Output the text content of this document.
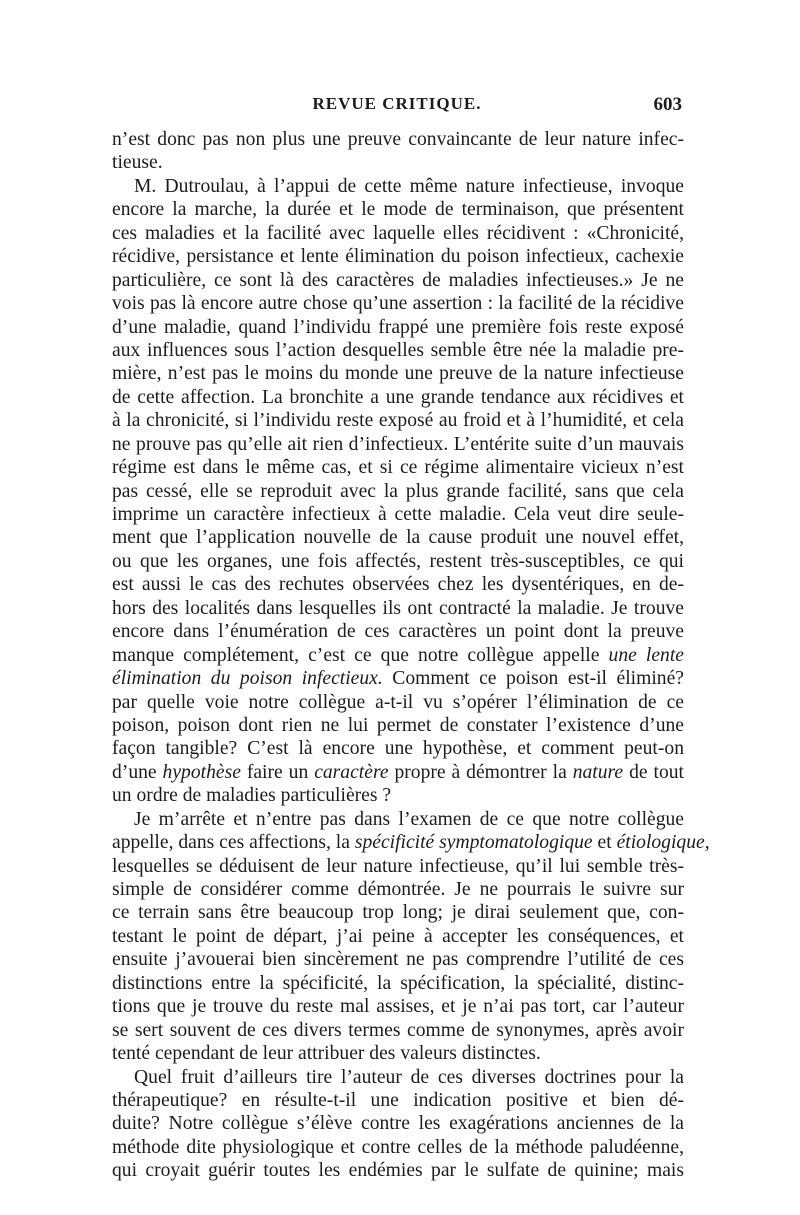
REVUE CRITIQUE.	603
n’est donc pas non plus une preuve convaincante de leur nature infec-
tieuse.
M. Dutroulau, à l’appui de cette même nature infectieuse, invoque
encore la marche, la durée et le mode de terminaison, que présentent
ces maladies et la facilité avec laquelle elles récidivent : «Chronicité,
récidive, persistance et lente élimination du poison infectieux, cachexie
particulière, ce sont là des caractères de maladies infectieuses.» Je ne
vois pas là encore autre chose qu’une assertion : la facilité de la récidive
d’une maladie, quand l’individu frappé une première fois reste exposé
aux influences sous l’action desquelles semble être née la maladie pre-
mière, n’est pas le moins du monde une preuve de la nature infectieuse
de cette affection. La bronchite a une grande tendance aux récidives et
à la chronicité, si l’individu reste exposé au froid et à l’humidité, et cela
ne prouve pas qu’elle ait rien d’infectieux. L’entérite suite d’un mauvais
régime est dans le même cas, et si ce régime alimentaire vicieux n’est
pas cessé, elle se reproduit avec la plus grande facilité, sans que cela
imprime un caractère infectieux à cette maladie. Cela veut dire seule-
ment que l’application nouvelle de la cause produit une nouvel effet,
ou que les organes, une fois affectés, restent très-susceptibles, ce qui
est aussi le cas des rechutes observées chez les dysentériques, en de-
hors des localités dans lesquelles ils ont contracté la maladie. Je trouve
encore dans l’énumération de ces caractères un point dont la preuve
manque complétement, c’est ce que notre collègue appelle une lente
élimination du poison infectieux. Comment ce poison est-il éliminé?
par quelle voie notre collègue a-t-il vu s’opérer l’élimination de ce
poison, poison dont rien ne lui permet de constater l’existence d’une
façon tangible? C’est là encore une hypothèse, et comment peut-on
d’une hypothèse faire un caractère propre à démontrer la nature de tout
un ordre de maladies particulières ?
Je m’arrête et n’entre pas dans l’examen de ce que notre collègue
appelle, dans ces affections, la spécificité symptomatologique et étiologique,
lesquelles se déduisent de leur nature infectieuse, qu’il lui semble très-
simple de considérer comme démontrée. Je ne pourrais le suivre sur
ce terrain sans être beaucoup trop long; je dirai seulement que, con-
testant le point de départ, j’ai peine à accepter les conséquences, et
ensuite j’avouerai bien sincèrement ne pas comprendre l’utilité de ces
distinctions entre la spécificité, la spécification, la spécialité, distinc-
tions que je trouve du reste mal assises, et je n’ai pas tort, car l’auteur
se sert souvent de ces divers termes comme de synonymes, après avoir
tenté cependant de leur attribuer des valeurs distinctes.
Quel fruit d’ailleurs tire l’auteur de ces diverses doctrines pour la
thérapeutique? en résulte-t-il une indication positive et bien dé-
duite? Notre collègue s’élève contre les exagérations anciennes de la
méthode dite physiologique et contre celles de la méthode paludéenne,
qui croyait guérir toutes les endémies par le sulfate de quinine; mais
